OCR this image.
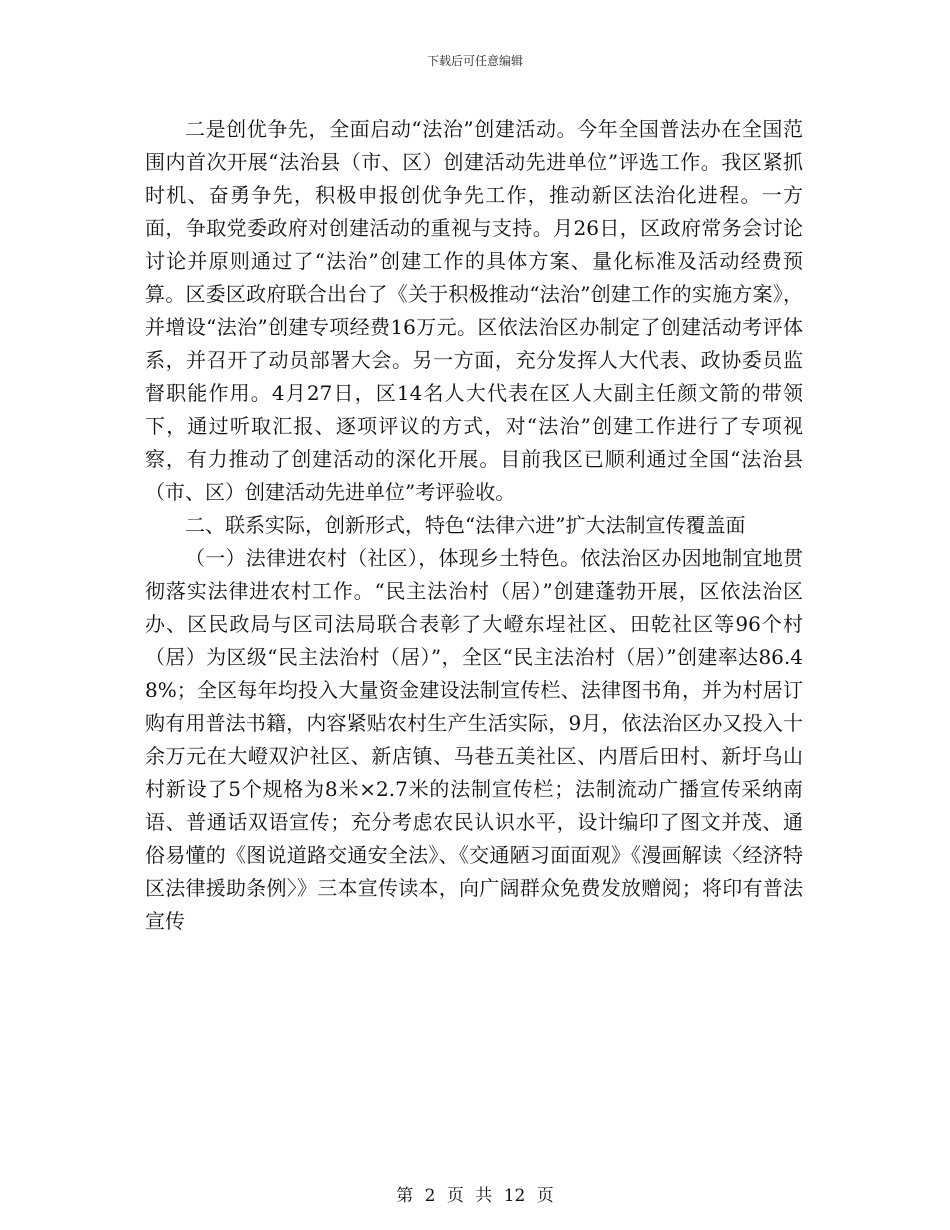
下载后可任意编辑

二是创优争先，全面启动“法治”创建活动。今年全国普法办在全国范围内首次开展“法治县（市、区）创建活动先进单位”评选工作。我区紧抓时机、奋勇争先，积极申报创优争先工作，推动新区法治化进程。一方面，争取党委政府对创建活动的重视与支持。月26日，区政府常务会讨论讨论并原则通过了“法治”创建工作的具体方案、量化标准及活动经费预算。区委区政府联合出台了《关于积极推动“法治”创建工作的实施方案》，并增设“法治”创建专项经费16万元。区依法治区办制定了创建活动考评体系，并召开了动员部署大会。另一方面，充分发挥人大代表、政协委员监督职能作用。4月27日，区14名人大代表在区人大副主任颜文箭的带领下，通过听取汇报、逐项评议的方式，对“法治”创建工作进行了专项视察，有力推动了创建活动的深化开展。目前我区已顺利通过全国“法治县（市、区）创建活动先进单位”考评验收。

二、联系实际，创新形式，特色“法律六进”扩大法制宣传覆盖面

（一）法律进农村（社区），体现乡土特色。依法治区办因地制宜地贯彻落实法律进农村工作。“民主法治村（居）”创建蓬勃开展，区依法治区办、区民政局与区司法局联合表彰了大嶝东埕社区、田乾社区等96个村（居）为区级“民主法治村（居）”，全区“民主法治村（居）”创建率达86.48%；全区每年均投入大量资金建设法制宣传栏、法律图书角，并为村居订购有用普法书籍，内容紧贴农村生产生活实际，9月，依法治区办又投入十余万元在大嶝双沪社区、新店镇、马巷五美社区、内厝后田村、新圩乌山村新设了5个规格为8米×2.7米的法制宣传栏；法制流动广播宣传采纳南语、普通话双语宣传；充分考虑农民认识水平，设计编印了图文并茂、通俗易懂的《图说道路交通安全法》、《交通陋习面面观》《漫画解读〈经济特区法律援助条例〉》三本宣传读本，向广阔群众免费发放赠阅；将印有普法宣传

第 2 页 共 12 页
